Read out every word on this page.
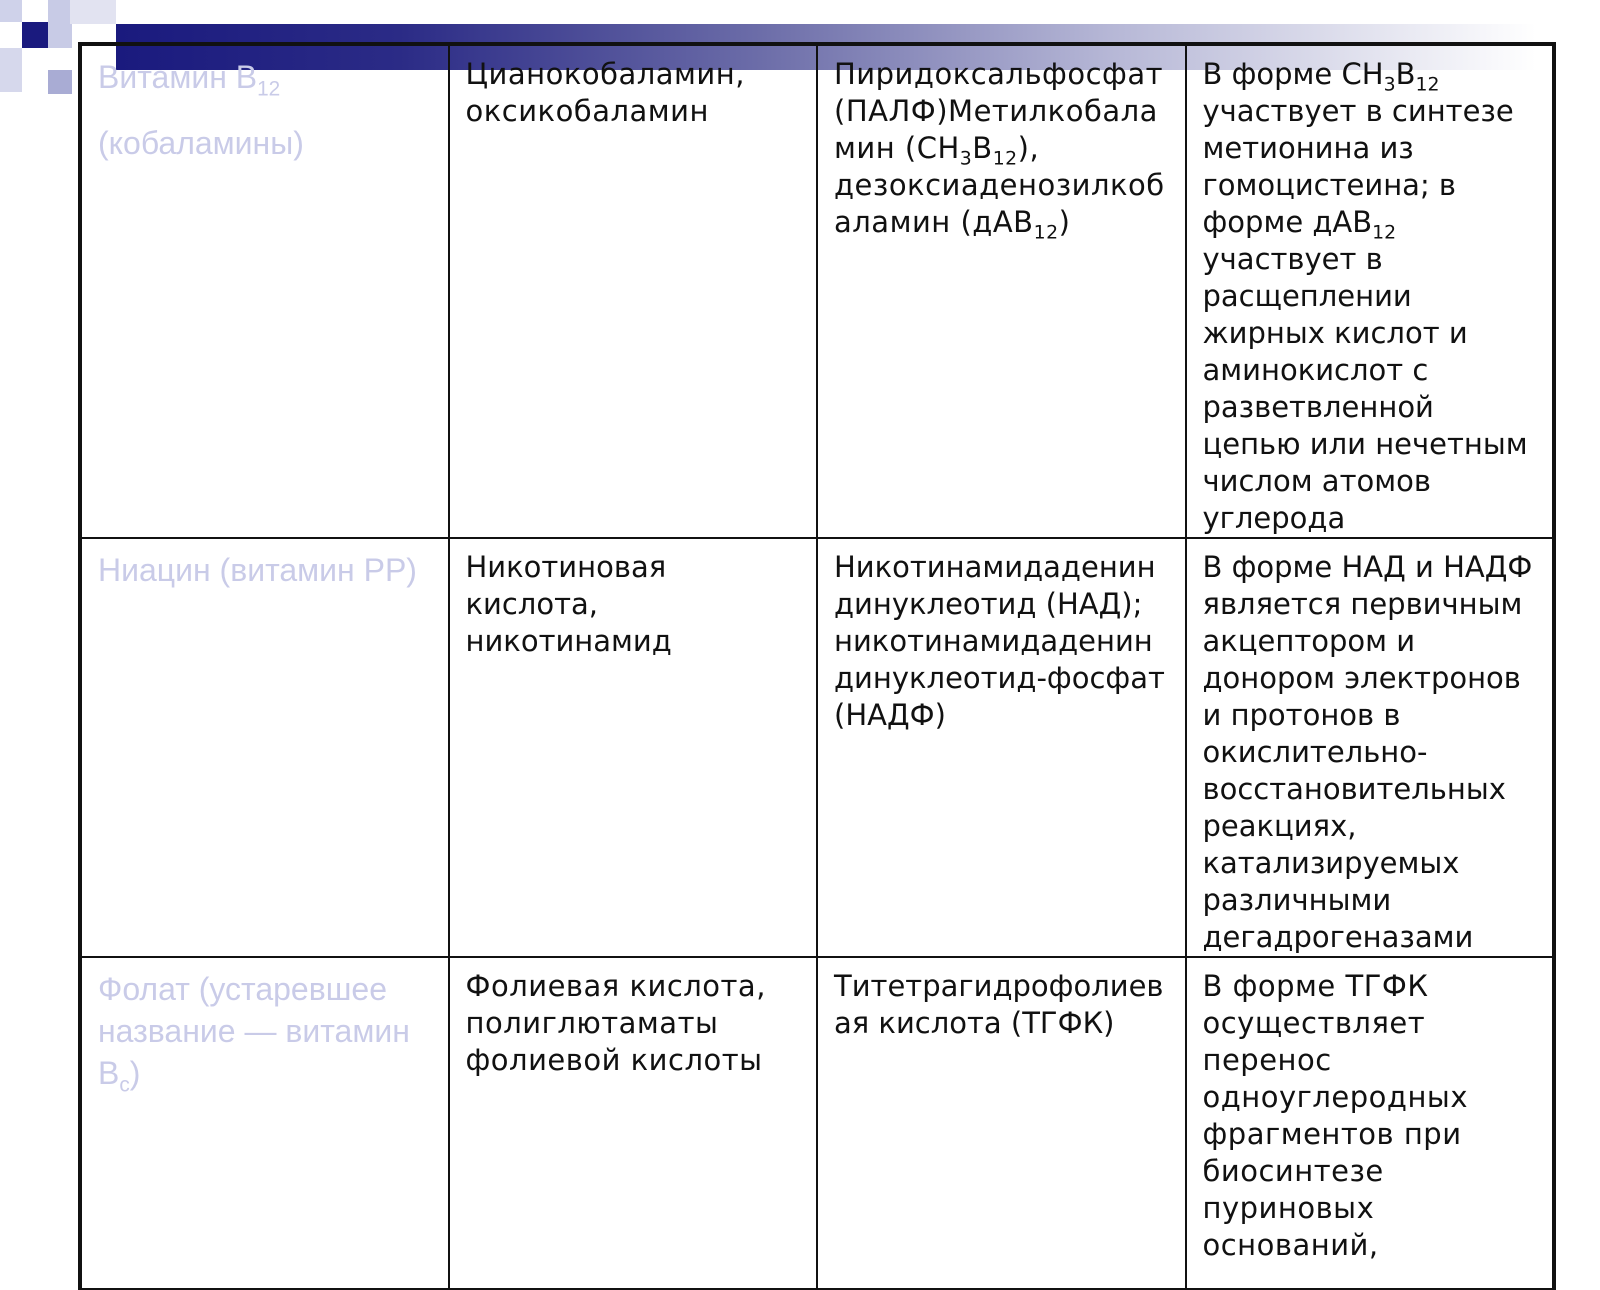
Витамин $B_{12}$
(кобаламины)	Цианокобаламин, оксикобаламин	Пиридоксальфосфат (ПАЛФ)Метилкобаламин $(CH_3B_{12})$, дезоксиаденозилкобаламин (дАВ$_{12}$)	В форме $CH_3B_{12}$ участвует в синтезе метионина из гомоцистеина; в форме дАВ$_{12}$ участвует в расщеплении жирных кислот и аминокислот с разветвленной цепью или нечетным числом атомов углерода
Ниацин (витамин PP)	Никотиновая кислота, никотинамид	Никотинамидадениндинуклеотид (НАД); никотинамидадениндинуклеотид-фосфат (НАДФ)	В форме НАД и НАДФ является первичным акцептором и донором электронов и протонов в окислительно-восстановительных реакциях, катализируемых различными дегадрогеназами
Фолат (устаревшее название — витамин $B_c$)	Фолиевая кислота, полиглютаматы фолиевой кислоты	Титетрагидрофолиевая кислота (ТГФК)	В форме ТГФК осуществляет перенос одноуглеродных фрагментов при биосинтезе пуриновых оснований,
